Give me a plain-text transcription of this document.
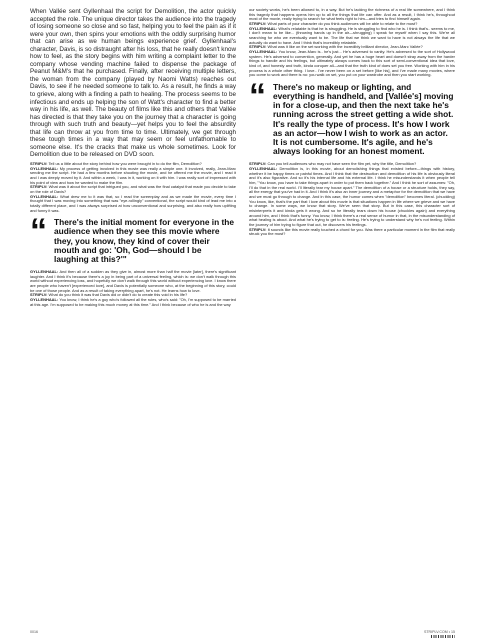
When Vallée sent Gyllenhaal the script for Demolition, the actor quickly accepted the role. The unique director takes the audience into the tragedy of losing someone so close and so fast, helping you to feel the pain as if it were your own, then spins your emotions with the oddly surprising humor that can arise as we human beings experience grief. Gyllenhaal's character, Davis, is so distraught after his loss, that he really doesn't know how to feel, as the story begins with him writing a complaint letter to the company whose vending machine failed to dispense the package of Peanut M&M's that he purchased. Finally, after receiving multiple letters, the woman from the company (played by Naomi Watts) reaches out Davis, to see if he needed someone to talk to. As a result, he finds a way to grieve, along with a finding a path to healing. The process seems to be infectious and ends up helping the son of Watt's character to find a better way in his life, as well. The beauty of films like this and others that Vallée has directed is that they take you on the journey that a character is going through with such truth and beauty—yet helps you to feel the absurdity that life can throw at you from time to time. Ultimately, we get through these tough times in a way that may seem or feel unfathomable to someone else. It's the cracks that make us whole sometimes. Look for Demolition due to be released on DVD soon.

STRIPLV: Tell us a little about the story behind how you were brought in to do the film, Demolition?

GYLLENHAAL: My process of getting involved in this movie was really a simple one. It involved, really, Jean-Marc sending me the script. He had a few months before shooting the movie, and he offered me the movie, and I read it and I was deeply moved by it. And within a week, I was in it, working on it with him. I was really sort of impressed with his point of view and how he wanted to make the film.

STRIPLV: What was it about the script that intrigued you, and what was the final catalyst that made you decide to take on the role of Davis?

GYLLENHAAL: What drew me to it was that, so I read the screenplay and as we made the movie, every time I thought that I was moving into something that was "eye-rollingly" conventional, the script would kind of lead me into a totally different place, and I was always surprised at how unconventional and surprising, and also really how uplifting and funny it was.

“ There's the initial moment for everyone in the audience when they see this movie where they, you know, they kind of cover their mouth and go: 'Oh, God—should I be laughing at this?'"

GYLLENHAAL: And then all of a sudden as they give in, almost more than half the movie [later], there's significant laughter. And I think it's because there's a joy in being part of a universal feeling, which is: we don't walk through this world without experiencing loss, and hopefully we don't walk through this world without experiencing love. I know there are people who haven't [experienced love], and Davis is potentially someone who, at the beginning of this story, could be one of those people. And as a result of taking everything apart, he's not. He learns how to love.

STRIPLV: What do you think it was that Davis did or didn't do to create this void in his life?

GYLLENHAAL: You know, I think he's a guy who's followed all the rules, who's said: "Oh, I'm supposed to be married at this age. I'm supposed to be making this much money at this time." And I think because of who he is and the way

our society works, he's been allowed to, in a way. But he's lacking the richness of a real life somewhere, and I think this tragedy that happens opens him up to all the things that life can offer. And as a result, I think he's, throughout most of the movie, really trying to search for what feels right to him—and tries to find himself again.

STRIPLV: What parts of your character do you think audiences will be able to relate to the most?

GYLLENHAAL: What's relatable is that he is struggling. He is struggling to find who he is. I think that's.. seems to me, I don't mean to be like... (throwing hands up in the air—shrugging) I speak for myself when I say this. We're all searching for who we eventually want to be. The life that we think we want to have is not always the life that we actually do want to have. And I think that's incredibly relatable.

STRIPLV: What was it like on the set working with the incredibly brilliant director, Jean-Marc Vallée?

GYLLENHAAL: You know, Jean-Marc is.. he's just... He's adversed to vanity. He's adversed to the sort of Hollywood system. He's adversed to convention, generally. And yet he has a huge heart and doesn't stray away from the harder things to handle and his feelings, but ultimately always comes back to this sort of semi-conventional idea that love, kind of, and honesty and truth, kinda conquer all—and that the truth kind of does set you free. Working with him in his process is a whole other thing. I love.. I've never been on a set before [like his], and I've made many movies, where you come to work and there is no: you walk on set, you put on your wardrobe and then you start working.

“ There's no makeup or lighting, and everything is handheld, and [Vallée's] moving in for a close-up, and then the next take he's running across the street getting a wide shot. It's really the type of process. It's how I work as an actor—how I wish to work as an actor. It is not cumbersome. It's agile, and he's always looking for an honest moment.

STRIPLV: Can you tell audiences who may not have seen the film yet, why the title, Demolition?

GYLLENHAAL: Demolition is, in this movie, about demolishing things that existed before—things with history, whether it be happy times or painful times. And I think that the destruction and demolition of his life is obviously literal and it's also figurative. And so it's his internal life and his external life. I think he misunderstands it when people tell him, "You know, you have to take things apart in order to put them back together." And I think he sort of assumes: "Oh, I'll do that in the real world. I'll literally tear my house apart." The demolition of a house or a structure holds, they say, all the energy that you've had in it. And I think it's also an inner journey and a metaphor for the demolition that we have and we must go through to change. And in this case, the humor comes when "demolition" becomes literal. (chuckling) You know, like, that's the part that I love about this movie is that situations happen in life where we grieve and we have to change. In some ways, we know that story. We've seen that story. But in this case, this character sort of misinterprets it and kinda gets it wrong. And so he literally tears down his house (chuckles again) and everything around him, and I think that's funny. You know, I think there's a real sense of humor in that, in the misunderstanding of what healing is about. And what he's trying to get to is: feeling. He's trying to understand why he's not feeling. Within the journey of him trying to figure that out, he discovers his feelings.

STRIPLV: It sounds like this movie really touched a chord for you. Was there a particular moment in the film that really struck you the most?

0016	STRIPLV.COM • 15
